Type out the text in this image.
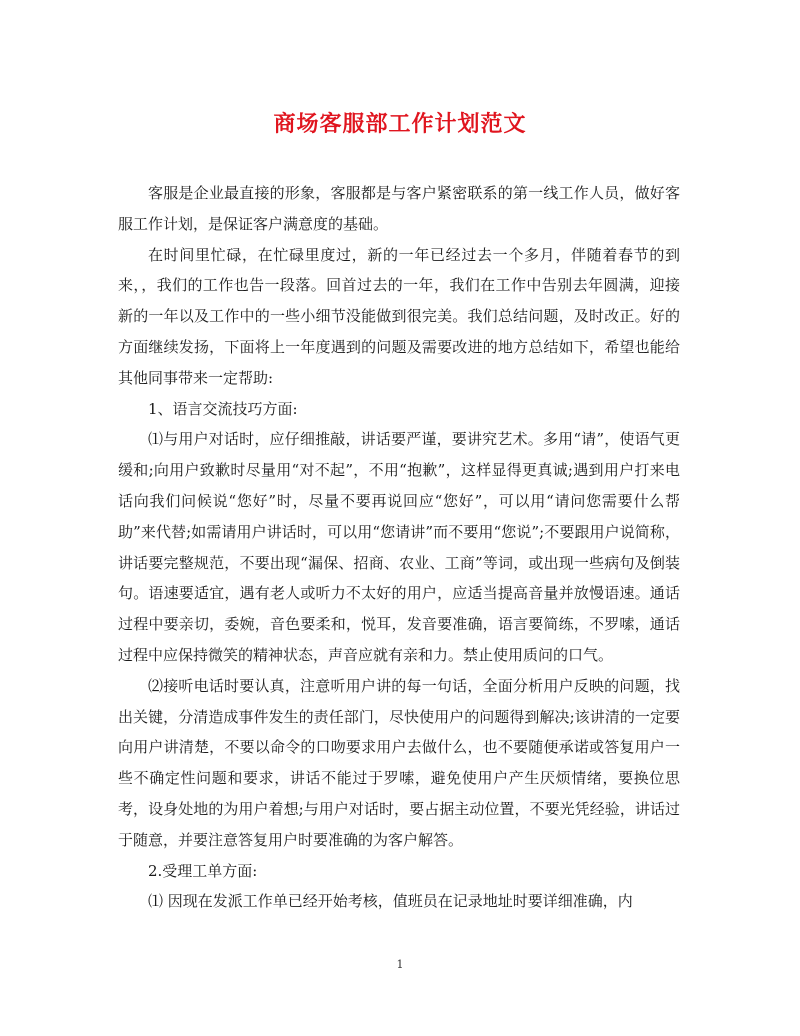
商场客服部工作计划范文

客服是企业最直接的形象，客服都是与客户紧密联系的第一线工作人员，做好客服工作计划，是保证客户满意度的基础。

在时间里忙碌，在忙碌里度过，新的一年已经过去一个多月，伴随着春节的到来，，我们的工作也告一段落。回首过去的一年，我们在工作中告别去年圆满，迎接新的一年以及工作中的一些小细节没能做到很完美。我们总结问题，及时改正。好的方面继续发扬，下面将上一年度遇到的问题及需要改进的地方总结如下，希望也能给其他同事带来一定帮助:

1、语言交流技巧方面:

⑴与用户对话时，应仔细推敲，讲话要严谨，要讲究艺术。多用“请”，使语气更缓和;向用户致歉时尽量用“对不起”，不用“抱歉”，这样显得更真诚;遇到用户打来电话向我们问候说“您好”时，尽量不要再说回应“您好”，可以用“请问您需要什么帮助”来代替;如需请用户讲话时，可以用“您请讲”而不要用“您说”;不要跟用户说简称，讲话要完整规范，不要出现“漏保、招商、农业、工商”等词，或出现一些病句及倒装句。语速要适宜，遇有老人或听力不太好的用户，应适当提高音量并放慢语速。通话过程中要亲切，委婉，音色要柔和，悦耳，发音要准确，语言要简练，不罗嗦，通话过程中应保持微笑的精神状态，声音应就有亲和力。禁止使用质问的口气。

⑵接听电话时要认真，注意听用户讲的每一句话，全面分析用户反映的问题，找出关键，分清造成事件发生的责任部门，尽快使用户的问题得到解决;该讲清的一定要向用户讲清楚，不要以命令的口吻要求用户去做什么，也不要随便承诺或答复用户一些不确定性问题和要求，讲话不能过于罗嗦，避免使用户产生厌烦情绪，要换位思考，设身处地的为用户着想;与用户对话时，要占据主动位置，不要光凭经验，讲话过于随意，并要注意答复用户时要准确的为客户解答。

2.受理工单方面:

⑴ 因现在发派工作单已经开始考核，值班员在记录地址时要详细准确，内

1
